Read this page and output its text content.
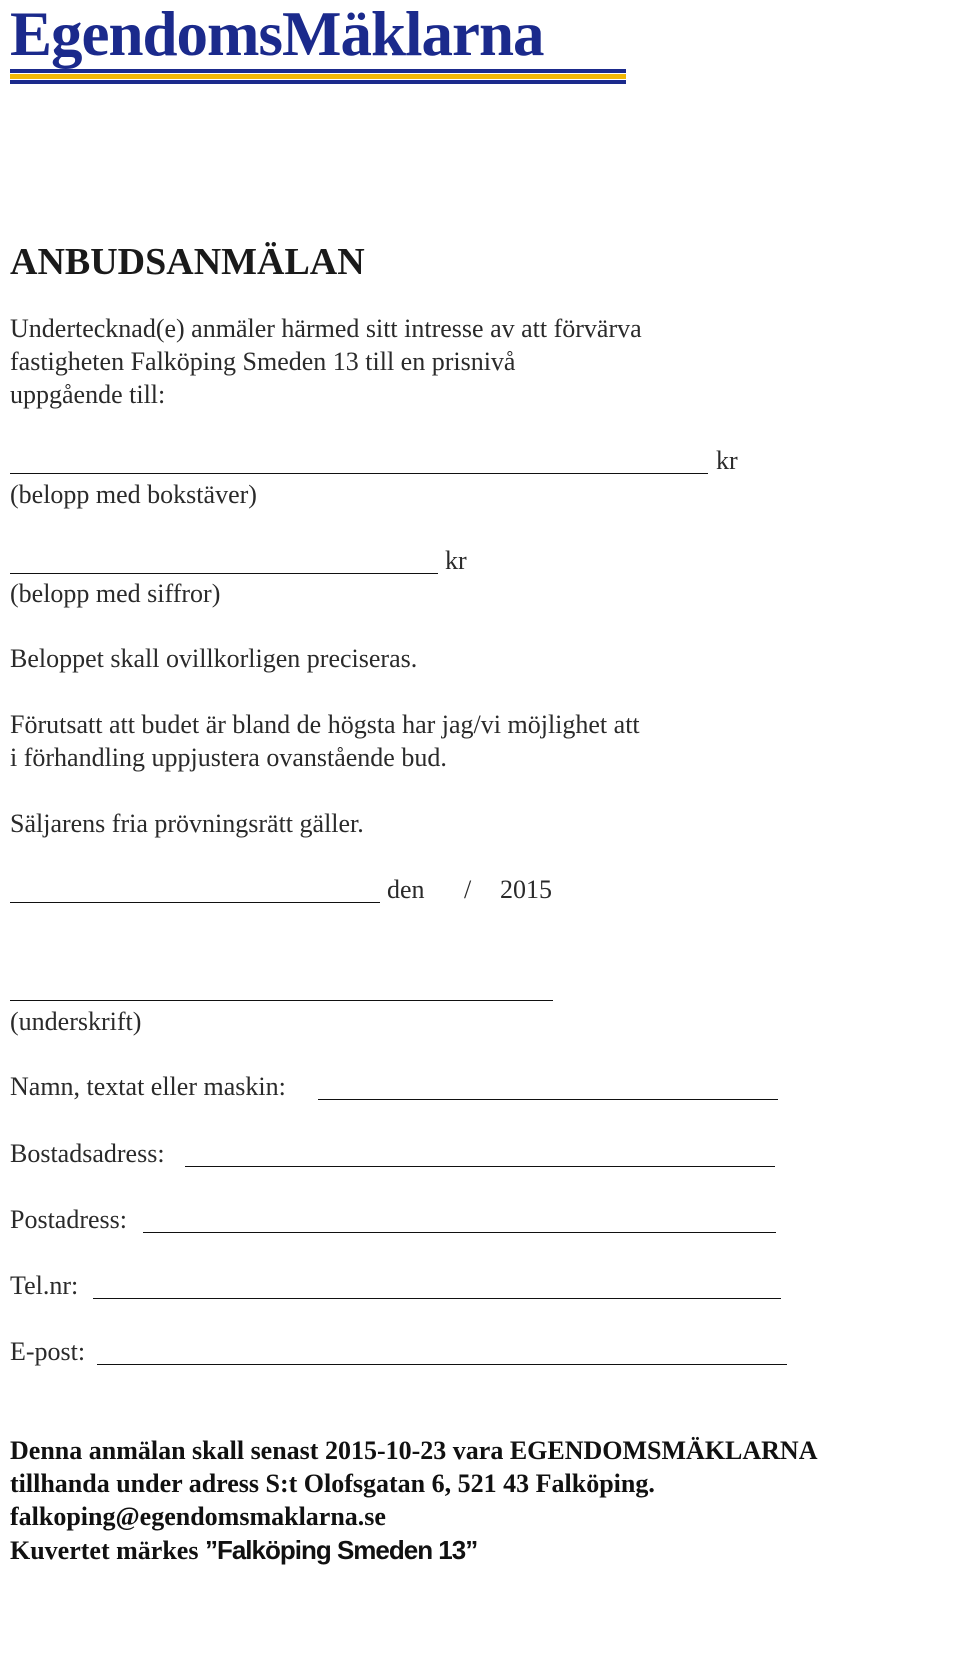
EgendomsMäklarna
ANBUDSANMÄLAN
Undertecknad(e) anmäler härmed sitt intresse av att förvärva
fastigheten Falköping Smeden 13 till en prisnivå
uppgående till:
kr
(belopp med bokstäver)
kr
(belopp med siffror)
Beloppet skall ovillkorligen preciseras.
Förutsatt att budet är bland de högsta har jag/vi möjlighet att
i förhandling uppjustera ovanstående bud.
Säljarens fria prövningsrätt gäller.
den / 2015
(underskrift)
Namn, textat eller maskin:
Bostadsadress:
Postadress:
Tel.nr:
E-post:
Denna anmälan skall senast 2015-10-23 vara EGENDOMSMÄKLARNA
tillhanda under adress S:t Olofsgatan 6, 521 43 Falköping.
falkoping@egendomsmaklarna.se
Kuvertet märkes ”Falköping Smeden 13”
